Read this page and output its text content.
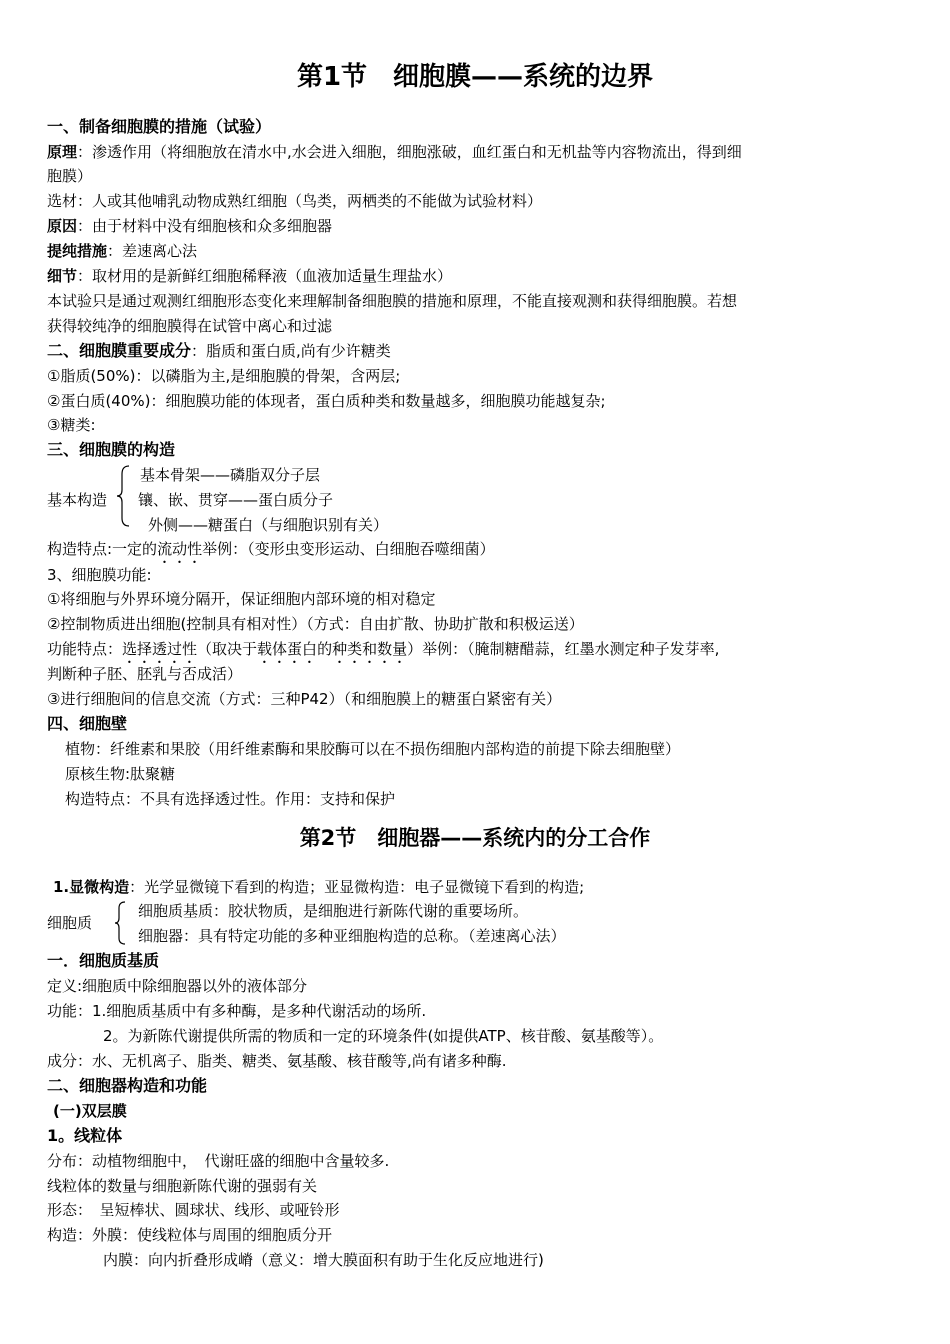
第1节　细胞膜——系统的边界
一、制备细胞膜的措施（试验）
原理：渗透作用（将细胞放在清水中,水会进入细胞，细胞涨破，血红蛋白和无机盐等内容物流出，得到细
胞膜）
选材：人或其他哺乳动物成熟红细胞（鸟类，两栖类的不能做为试验材料）
原因：由于材料中没有细胞核和众多细胞器
提纯措施：差速离心法
细节：取材用的是新鲜红细胞稀释液（血液加适量生理盐水）
本试验只是通过观测红细胞形态变化来理解制备细胞膜的措施和原理，不能直接观测和获得细胞膜。若想
获得较纯净的细胞膜得在试管中离心和过滤
二、细胞膜重要成分：脂质和蛋白质,尚有少许糖类
①脂质(50%)：以磷脂为主,是细胞膜的骨架，含两层;
②蛋白质(40%)：细胞膜功能的体现者，蛋白质种类和数量越多，细胞膜功能越复杂;
③糖类:
三、细胞膜的构造
基本构造
基本骨架——磷脂双分子层
镶、嵌、贯穿——蛋白质分子
外侧——糖蛋白（与细胞识别有关）
构造特点:一定的流动性举例：（变形虫变形运动、白细胞吞噬细菌）
3、细胞膜功能:
①将细胞与外界环境分隔开，保证细胞内部环境的相对稳定
②控制物质进出细胞(控制具有相对性）（方式：自由扩散、协助扩散和积极运送）
功能特点：选择透过性（取决于载体蛋白的种类和数量）举例：（腌制糖醋蒜，红墨水测定种子发芽率,
判断种子胚、胚乳与否成活）
③进行细胞间的信息交流（方式：三种P42）（和细胞膜上的糖蛋白紧密有关）
四、细胞壁
植物：纤维素和果胶（用纤维素酶和果胶酶可以在不损伤细胞内部构造的前提下除去细胞壁）
原核生物:肽聚糖
构造特点：不具有选择透过性。作用：支持和保护
第2节　细胞器——系统内的分工合作
1.显微构造：光学显微镜下看到的构造；亚显微构造：电子显微镜下看到的构造;
细胞质
细胞质基质：胶状物质，是细胞进行新陈代谢的重要场所。
细胞器：具有特定功能的多种亚细胞构造的总称。（差速离心法）
一．细胞质基质
定义:细胞质中除细胞器以外的液体部分
功能：1.细胞质基质中有多种酶，是多种代谢活动的场所.
2。为新陈代谢提供所需的物质和一定的环境条件(如提供ATP、核苷酸、氨基酸等）。
成分：水、无机离子、脂类、糖类、氨基酸、核苷酸等,尚有诸多种酶.
二、细胞器构造和功能
(一)双层膜
1。线粒体
分布：动植物细胞中，　代谢旺盛的细胞中含量较多.
线粒体的数量与细胞新陈代谢的强弱有关
形态：　呈短棒状、圆球状、线形、或哑铃形
构造：外膜：使线粒体与周围的细胞质分开
内膜：向内折叠形成嵴（意义：增大膜面积有助于生化反应地进行)
